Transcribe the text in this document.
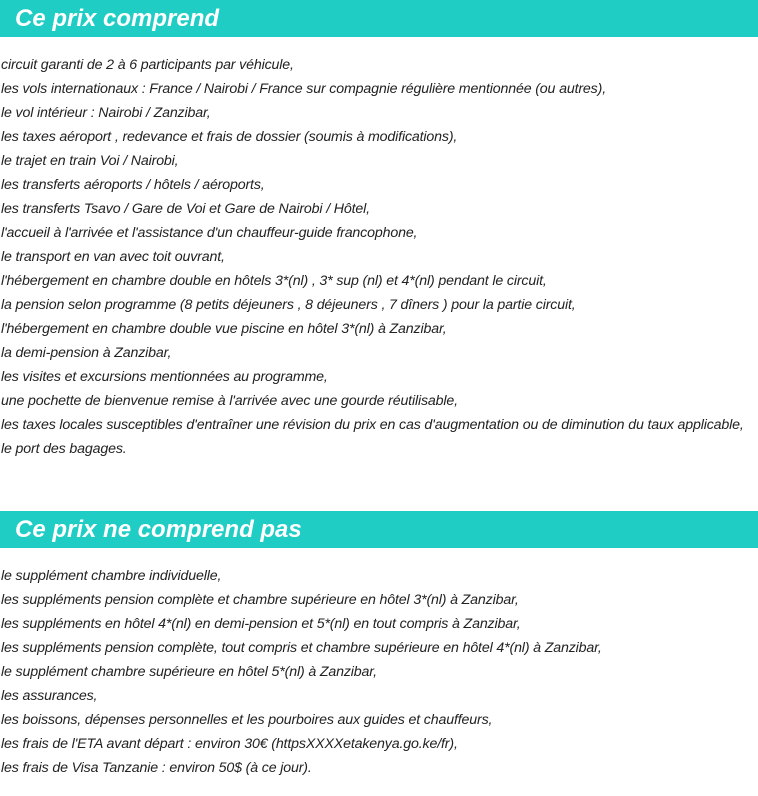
Ce prix comprend
circuit garanti de 2 à 6 participants par véhicule,
les vols internationaux : France / Nairobi / France sur compagnie régulière mentionnée (ou autres),
le vol intérieur : Nairobi / Zanzibar,
les taxes aéroport , redevance et frais de dossier (soumis à modifications),
le trajet en train Voi / Nairobi,
les transferts aéroports / hôtels / aéroports,
les transferts Tsavo / Gare de Voi et Gare de Nairobi / Hôtel,
l'accueil à l'arrivée et l'assistance d'un chauffeur-guide francophone,
le transport en van avec toit ouvrant,
l'hébergement en chambre double en hôtels 3*(nl) , 3* sup (nl) et 4*(nl) pendant le circuit,
la pension selon programme (8 petits déjeuners , 8 déjeuners , 7 dîners ) pour la partie circuit,
l'hébergement en chambre double vue piscine en hôtel 3*(nl) à Zanzibar,
la demi-pension à Zanzibar,
les visites et excursions mentionnées au programme,
une pochette de bienvenue remise à l'arrivée avec une gourde réutilisable,
les taxes locales susceptibles d'entraîner une révision du prix en cas d'augmentation ou de diminution du taux applicable,
le port des bagages.
Ce prix ne comprend pas
le supplément chambre individuelle,
les suppléments pension complète et chambre supérieure en hôtel 3*(nl) à Zanzibar,
les suppléments en hôtel 4*(nl) en demi-pension et 5*(nl) en tout compris à Zanzibar,
les suppléments pension complète, tout compris et chambre supérieure en hôtel 4*(nl) à Zanzibar,
le supplément chambre supérieure en hôtel 5*(nl) à Zanzibar,
les assurances,
les boissons, dépenses personnelles et les pourboires aux guides et chauffeurs,
les frais de l'ETA avant départ : environ 30€ (httpsXXXXetakenya.go.ke/fr),
les frais de Visa Tanzanie : environ 50$ (à ce jour).
